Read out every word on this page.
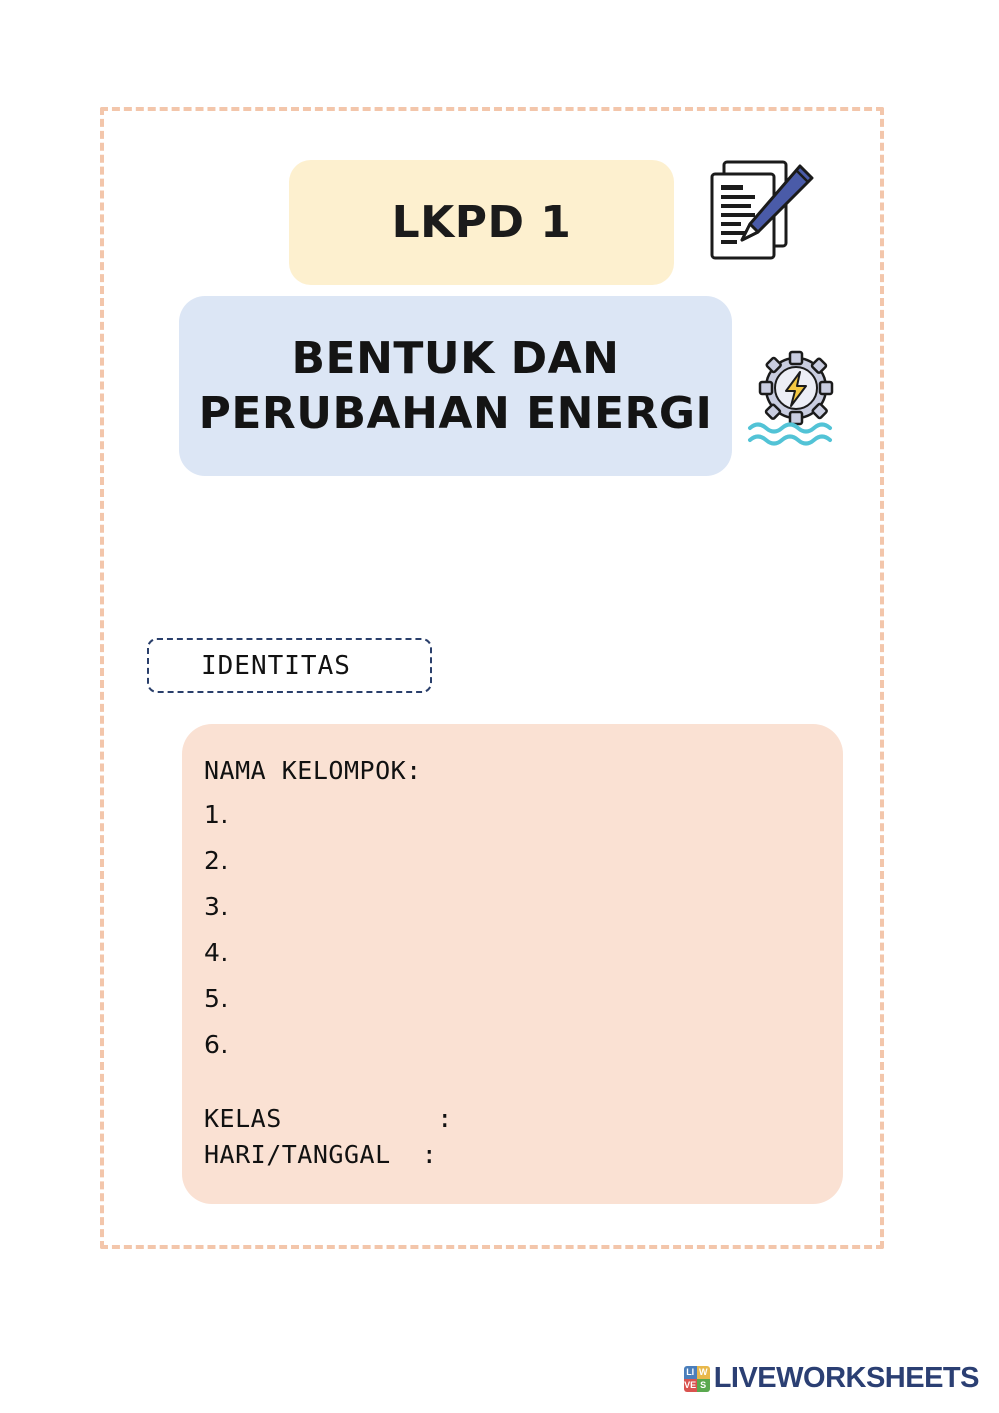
LKPD 1
BENTUK DAN
PERUBAHAN ENERGI
IDENTITAS
NAMA KELOMPOK:
1.
2.
3.
4.
5.
6.
KELAS          :
HARI/TANGGAL  :
LI W
VE S LIVEWORKSHEETS
